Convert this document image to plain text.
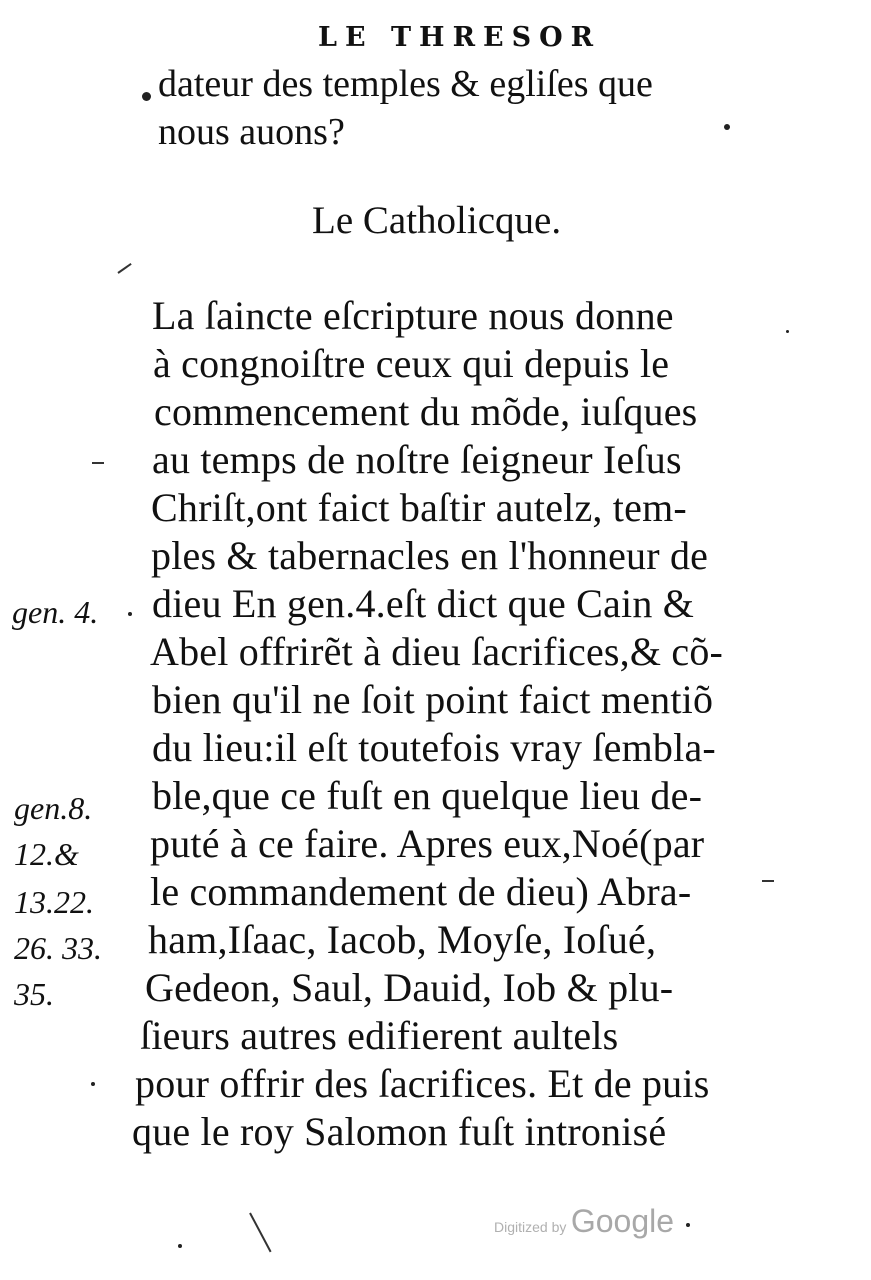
LE THRESOR
dateur des temples & egliſes que
nous auons?
Le Catholicque.
La ſaincte eſcripture nous donne
à congnoiſtre ceux qui depuis le
commencement du mõde, iuſques
au temps de noſtre ſeigneur Ieſus
Chriſt,ont faict baſtir autelz, tem-
ples & tabernacles en l'honneur de
dieu En gen.4.eſt dict que Cain &
Abel offrirẽt à dieu ſacrifices,& cõ-
bien qu'il ne ſoit point faict mentiõ
du lieu:il eſt toutefois vray ſembla-
ble,que ce fuſt en quelque lieu de-
puté à ce faire. Apres eux,Noé(par
le commandement de dieu) Abra-
ham,Iſaac, Iacob, Moyſe, Ioſué,
Gedeon, Saul, Dauid, Iob & plu-
ſieurs autres edifierent aultels
pour offrir des ſacrifices. Et de puis
que le roy Salomon fuſt intronisé
gen. 4.
gen.8.
12.&
13.22.
26. 33.
35.
Digitized by Google
